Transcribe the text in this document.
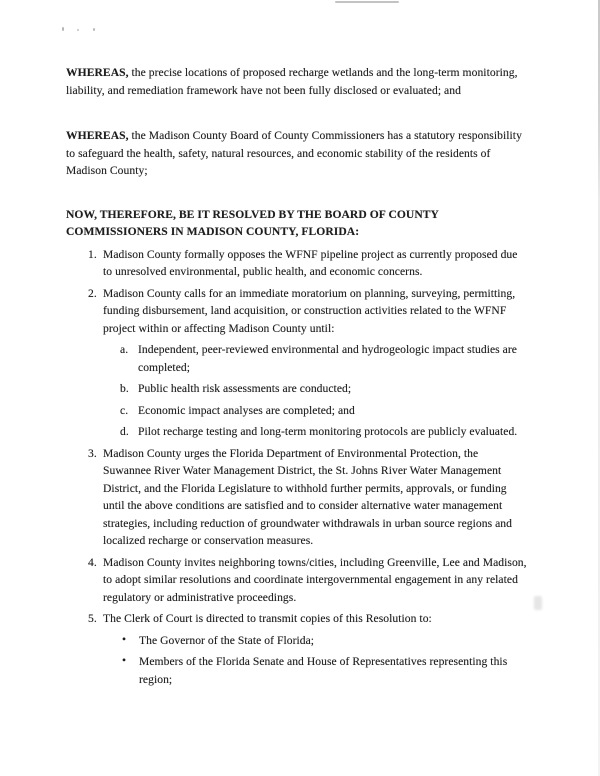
WHEREAS, the precise locations of proposed recharge wetlands and the long-term monitoring, liability, and remediation framework have not been fully disclosed or evaluated; and

WHEREAS, the Madison County Board of County Commissioners has a statutory responsibility to safeguard the health, safety, natural resources, and economic stability of the residents of Madison County;

NOW, THEREFORE, BE IT RESOLVED BY THE BOARD OF COUNTY COMMISSIONERS IN MADISON COUNTY, FLORIDA:

1. Madison County formally opposes the WFNF pipeline project as currently proposed due to unresolved environmental, public health, and economic concerns.
2. Madison County calls for an immediate moratorium on planning, surveying, permitting, funding disbursement, land acquisition, or construction activities related to the WFNF project within or affecting Madison County until:
a. Independent, peer-reviewed environmental and hydrogeologic impact studies are completed;
b. Public health risk assessments are conducted;
c. Economic impact analyses are completed; and
d. Pilot recharge testing and long-term monitoring protocols are publicly evaluated.
3. Madison County urges the Florida Department of Environmental Protection, the Suwannee River Water Management District, the St. Johns River Water Management District, and the Florida Legislature to withhold further permits, approvals, or funding until the above conditions are satisfied and to consider alternative water management strategies, including reduction of groundwater withdrawals in urban source regions and localized recharge or conservation measures.
4. Madison County invites neighboring towns/cities, including Greenville, Lee and Madison, to adopt similar resolutions and coordinate intergovernmental engagement in any related regulatory or administrative proceedings.
5. The Clerk of Court is directed to transmit copies of this Resolution to:
• The Governor of the State of Florida;
• Members of the Florida Senate and House of Representatives representing this region;
